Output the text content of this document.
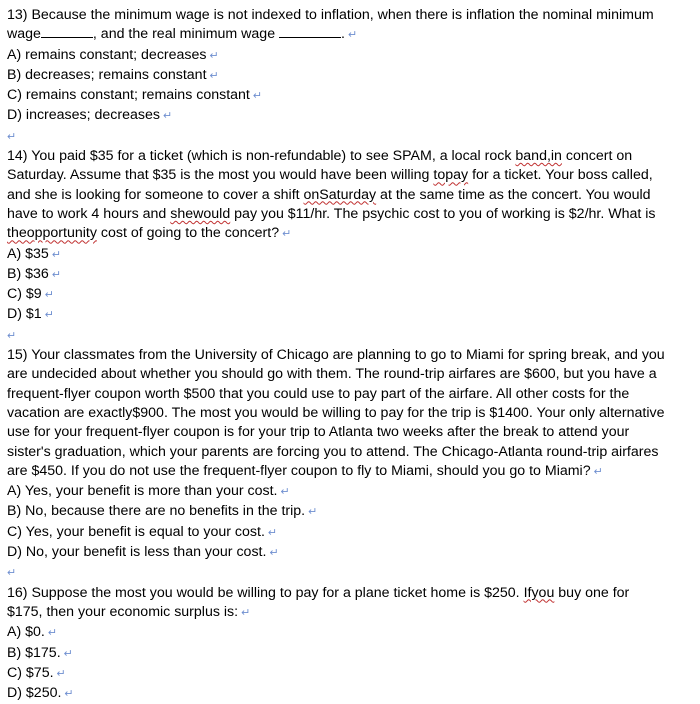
13) Because the minimum wage is not indexed to inflation, when there is inflation the nominal minimum
wage	, and the real minimum wage	. ↵
A) remains constant; decreases ↵
B) decreases; remains constant ↵
C) remains constant; remains constant ↵
D) increases; decreases ↵
↵
14) You paid $35 for a ticket (which is non-refundable) to see SPAM, a local rock band,in concert on
Saturday. Assume that $35 is the most you would have been willing topay for a ticket. Your boss called,
and she is looking for someone to cover a shift onSaturday at the same time as the concert. You would
have to work 4 hours and shewould pay you $11/hr. The psychic cost to you of working is $2/hr. What is
theopportunity cost of going to the concert? ↵
A) $35 ↵
B) $36 ↵
C) $9 ↵
D) $1 ↵
↵
15) Your classmates from the University of Chicago are planning to go to Miami for spring break, and you
are undecided about whether you should go with them. The round-trip airfares are $600, but you have a
frequent-flyer coupon worth $500 that you could use to pay part of the airfare. All other costs for the
vacation are exactly$900. The most you would be willing to pay for the trip is $1400. Your only alternative
use for your frequent-flyer coupon is for your trip to Atlanta two weeks after the break to attend your
sister's graduation, which your parents are forcing you to attend. The Chicago-Atlanta round-trip airfares
are $450. If you do not use the frequent-flyer coupon to fly to Miami, should you go to Miami? ↵
A) Yes, your benefit is more than your cost. ↵
B) No, because there are no benefits in the trip. ↵
C) Yes, your benefit is equal to your cost. ↵
D) No, your benefit is less than your cost. ↵
↵
16) Suppose the most you would be willing to pay for a plane ticket home is $250. Ifyou buy one for
$175, then your economic surplus is: ↵
A) $0. ↵
B) $175. ↵
C) $75. ↵
D) $250. ↵
